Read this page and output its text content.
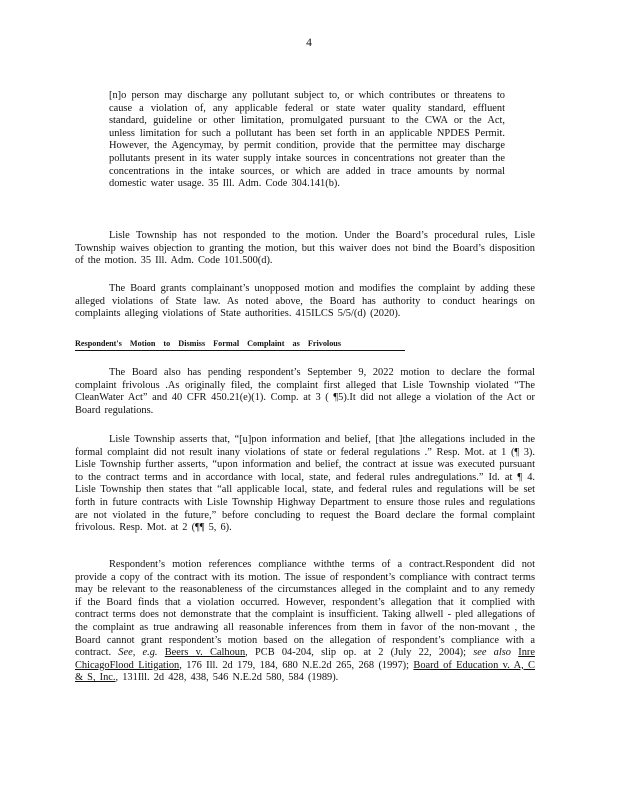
4
[n]o person may discharge any pollutant subject to, or which contributes or threatens to cause a violation of, any applicable federal or state water quality standard, effluent standard, guideline or other limitation, promulgated pursuant to the CWA or the Act, unless limitation for such a pollutant has been set forth in an applicable NPDES Permit. However, the Agencymay, by permit condition, provide that the permittee may discharge pollutants present in its water supply intake sources in concentrations not greater than the concentrations in the intake sources, or which are added in trace amounts by normal domestic water usage. 35 Ill. Adm. Code 304.141(b).
Lisle Township has not responded to the motion. Under the Board’s procedural rules, Lisle Township waives objection to granting the motion, but this waiver does not bind the Board’s disposition of the motion. 35 Ill. Adm. Code 101.500(d).
The Board grants complainant’s unopposed motion and modifies the complaint by adding these alleged violations of State law. As noted above, the Board has authority to conduct hearings on complaints alleging violations of State authorities. 415ILCS 5/5/(d) (2020).
Respondent's Motion to Dismiss Formal Complaint as Frivolous
The Board also has pending respondent’s September 9, 2022 motion to declare the formal complaint frivolous .As originally filed, the complaint first alleged that Lisle Township violated “The CleanWater Act” and 40 CFR 450.21(e)(1). Comp. at 3 ( ¶5).It did not allege a violation of the Act or Board regulations.
Lisle Township asserts that, “[u]pon information and belief, [that ]the allegations included in the formal complaint did not result inany violations of state or federal regulations .” Resp. Mot. at 1 (¶ 3). Lisle Township further asserts, “upon information and belief, the contract at issue was executed pursuant to the contract terms and in accordance with local, state, and federal rules andregulations.” Id. at ¶ 4. Lisle Township then states that “all applicable local, state, and federal rules and regulations will be set forth in future contracts with Lisle Township Highway Department to ensure those rules and regulations are not violated in the future,” before concluding to request the Board declare the formal complaint frivolous. Resp. Mot. at 2 (¶¶ 5, 6).
Respondent’s motion references compliance withthe terms of a contract.Respondent did not provide a copy of the contract with its motion. The issue of respondent’s compliance with contract terms may be relevant to the reasonableness of the circumstances alleged in the complaint and to any remedy if the Board finds that a violation occurred. However, respondent’s allegation that it complied with contract terms does not demonstrate that the complaint is insufficient. Taking allwell - pled allegations of the complaint as true andrawing all reasonable inferences from them in favor of the non-movant , the Board cannot grant respondent’s motion based on the allegation of respondent’s compliance with a contract. See, e.g. Beers v. Calhoun, PCB 04-204, slip op. at 2 (July 22, 2004); see also Inre ChicagoFlood Litigation, 176 Ill. 2d 179, 184, 680 N.E.2d 265, 268 (1997); Board of Education v. A, C & S, Inc., 131Ill. 2d 428, 438, 546 N.E.2d 580, 584 (1989).
